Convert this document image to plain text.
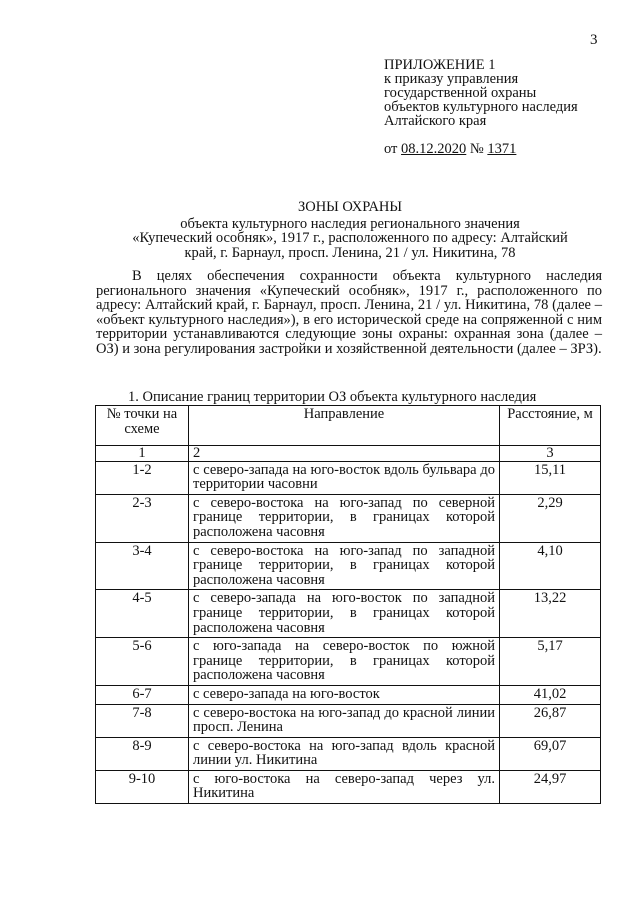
3
ПРИЛОЖЕНИЕ 1
к приказу управления
государственной охраны
объектов культурного наследия
Алтайского края
от 08.12.2020 № 1371
ЗОНЫ ОХРАНЫ
объекта культурного наследия регионального значения
«Купеческий особняк», 1917 г., расположенного по адресу: Алтайский
край, г. Барнаул, просп. Ленина, 21 / ул. Никитина, 78

В целях обеспечения сохранности объекта культурного наследия регионального значения «Купеческий особняк», 1917 г., расположенного по адресу: Алтайский край, г. Барнаул, просп. Ленина, 21 / ул. Никитина, 78 (далее – «объект культурного наследия»), в его исторической среде на сопряженной с ним территории устанавливаются следующие зоны охраны: охранная зона (далее – ОЗ) и зона регулирования застройки и хозяйственной деятельности (далее – ЗРЗ).

1. Описание границ территории ОЗ объекта культурного наследия
№ точки на схеме	Направление	Расстояние, м
1	2	3
1-2	с северо-запада на юго-восток вдоль бульвара до территории часовни	15,11
2-3	с северо-востока на юго-запад по северной границе территории, в границах которой расположена часовня	2,29
3-4	с северо-востока на юго-запад по западной границе территории, в границах которой расположена часовня	4,10
4-5	с северо-запада на юго-восток по западной границе территории, в границах которой расположена часовня	13,22
5-6	с юго-запада на северо-восток по южной границе территории, в границах которой расположена часовня	5,17
6-7	с северо-запада на юго-восток	41,02
7-8	с северо-востока на юго-запад до красной линии просп. Ленина	26,87
8-9	с северо-востока на юго-запад вдоль красной линии ул. Никитина	69,07
9-10	с юго-востока на северо-запад через ул. Никитина	24,97
